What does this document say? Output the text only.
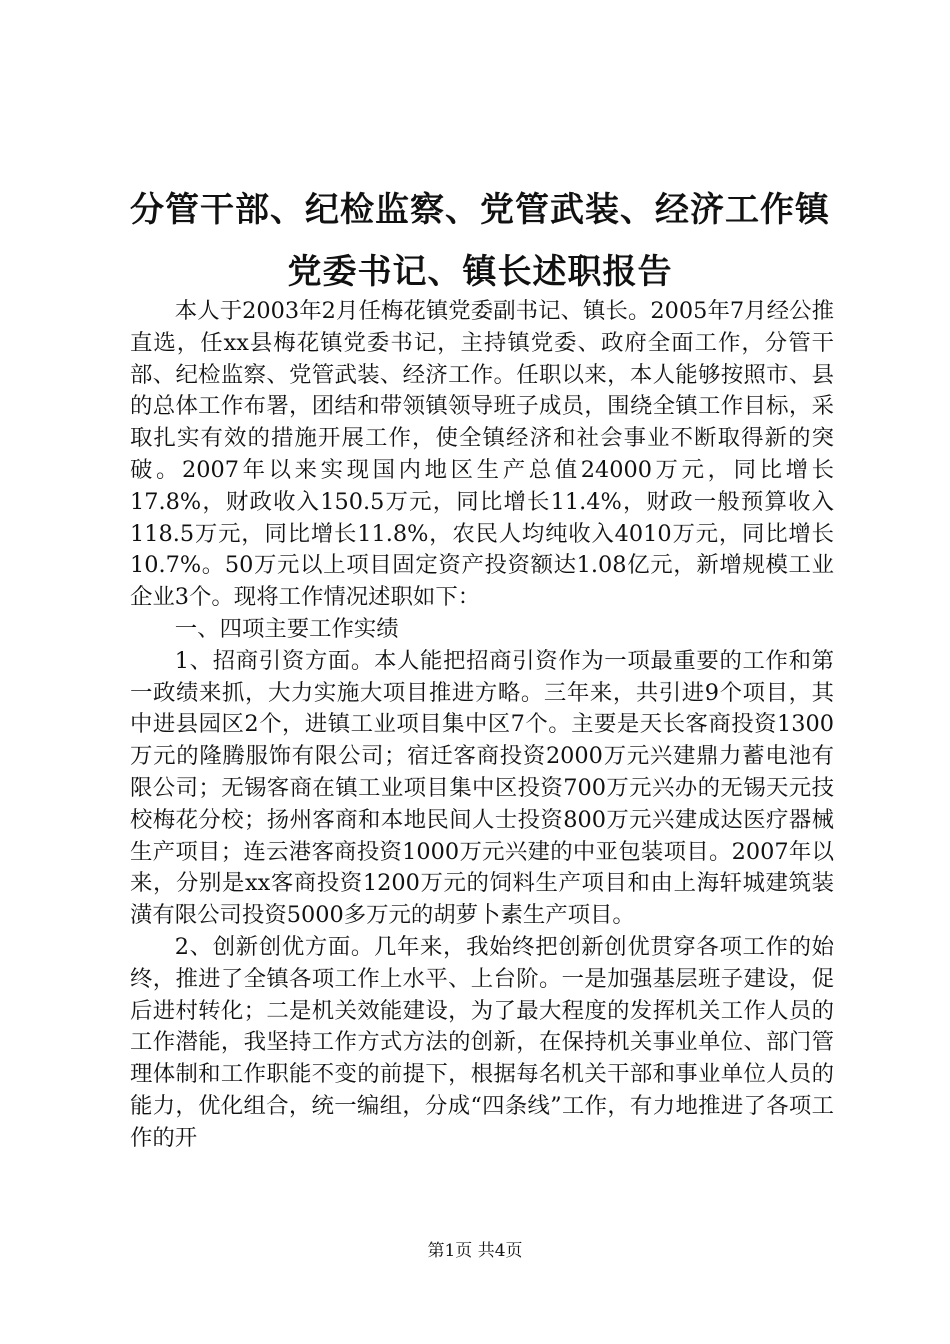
分管干部、纪检监察、党管武装、经济工作镇
党委书记、镇长述职报告

本人于2003年2月任梅花镇党委副书记、镇长。2005年7月经公推直选，任xx县梅花镇党委书记，主持镇党委、政府全面工作，分管干部、纪检监察、党管武装、经济工作。任职以来，本人能够按照市、县的总体工作布署，团结和带领镇领导班子成员，围绕全镇工作目标，采取扎实有效的措施开展工作，使全镇经济和社会事业不断取得新的突破。2007年以来实现国内地区生产总值24000万元，同比增长17.8%，财政收入150.5万元，同比增长11.4%，财政一般预算收入118.5万元，同比增长11.8%，农民人均纯收入4010万元，同比增长10.7%。50万元以上项目固定资产投资额达1.08亿元，新增规模工业企业3个。现将工作情况述职如下：

一、四项主要工作实绩

1、招商引资方面。本人能把招商引资作为一项最重要的工作和第一政绩来抓，大力实施大项目推进方略。三年来，共引进9个项目，其中进县园区2个，进镇工业项目集中区7个。主要是天长客商投资1300万元的隆腾服饰有限公司；宿迁客商投资2000万元兴建鼎力蓄电池有限公司；无锡客商在镇工业项目集中区投资700万元兴办的无锡天元技校梅花分校；扬州客商和本地民间人士投资800万元兴建成达医疗器械生产项目；连云港客商投资1000万元兴建的中亚包装项目。2007年以来，分别是xx客商投资1200万元的饲料生产项目和由上海轩城建筑装潢有限公司投资5000多万元的胡萝卜素生产项目。

2、创新创优方面。几年来，我始终把创新创优贯穿各项工作的始终，推进了全镇各项工作上水平、上台阶。一是加强基层班子建设，促后进村转化；二是机关效能建设，为了最大程度的发挥机关工作人员的工作潜能，我坚持工作方式方法的创新，在保持机关事业单位、部门管理体制和工作职能不变的前提下，根据每名机关干部和事业单位人员的能力，优化组合，统一编组，分成“四条线”工作，有力地推进了各项工作的开

第1页 共4页
